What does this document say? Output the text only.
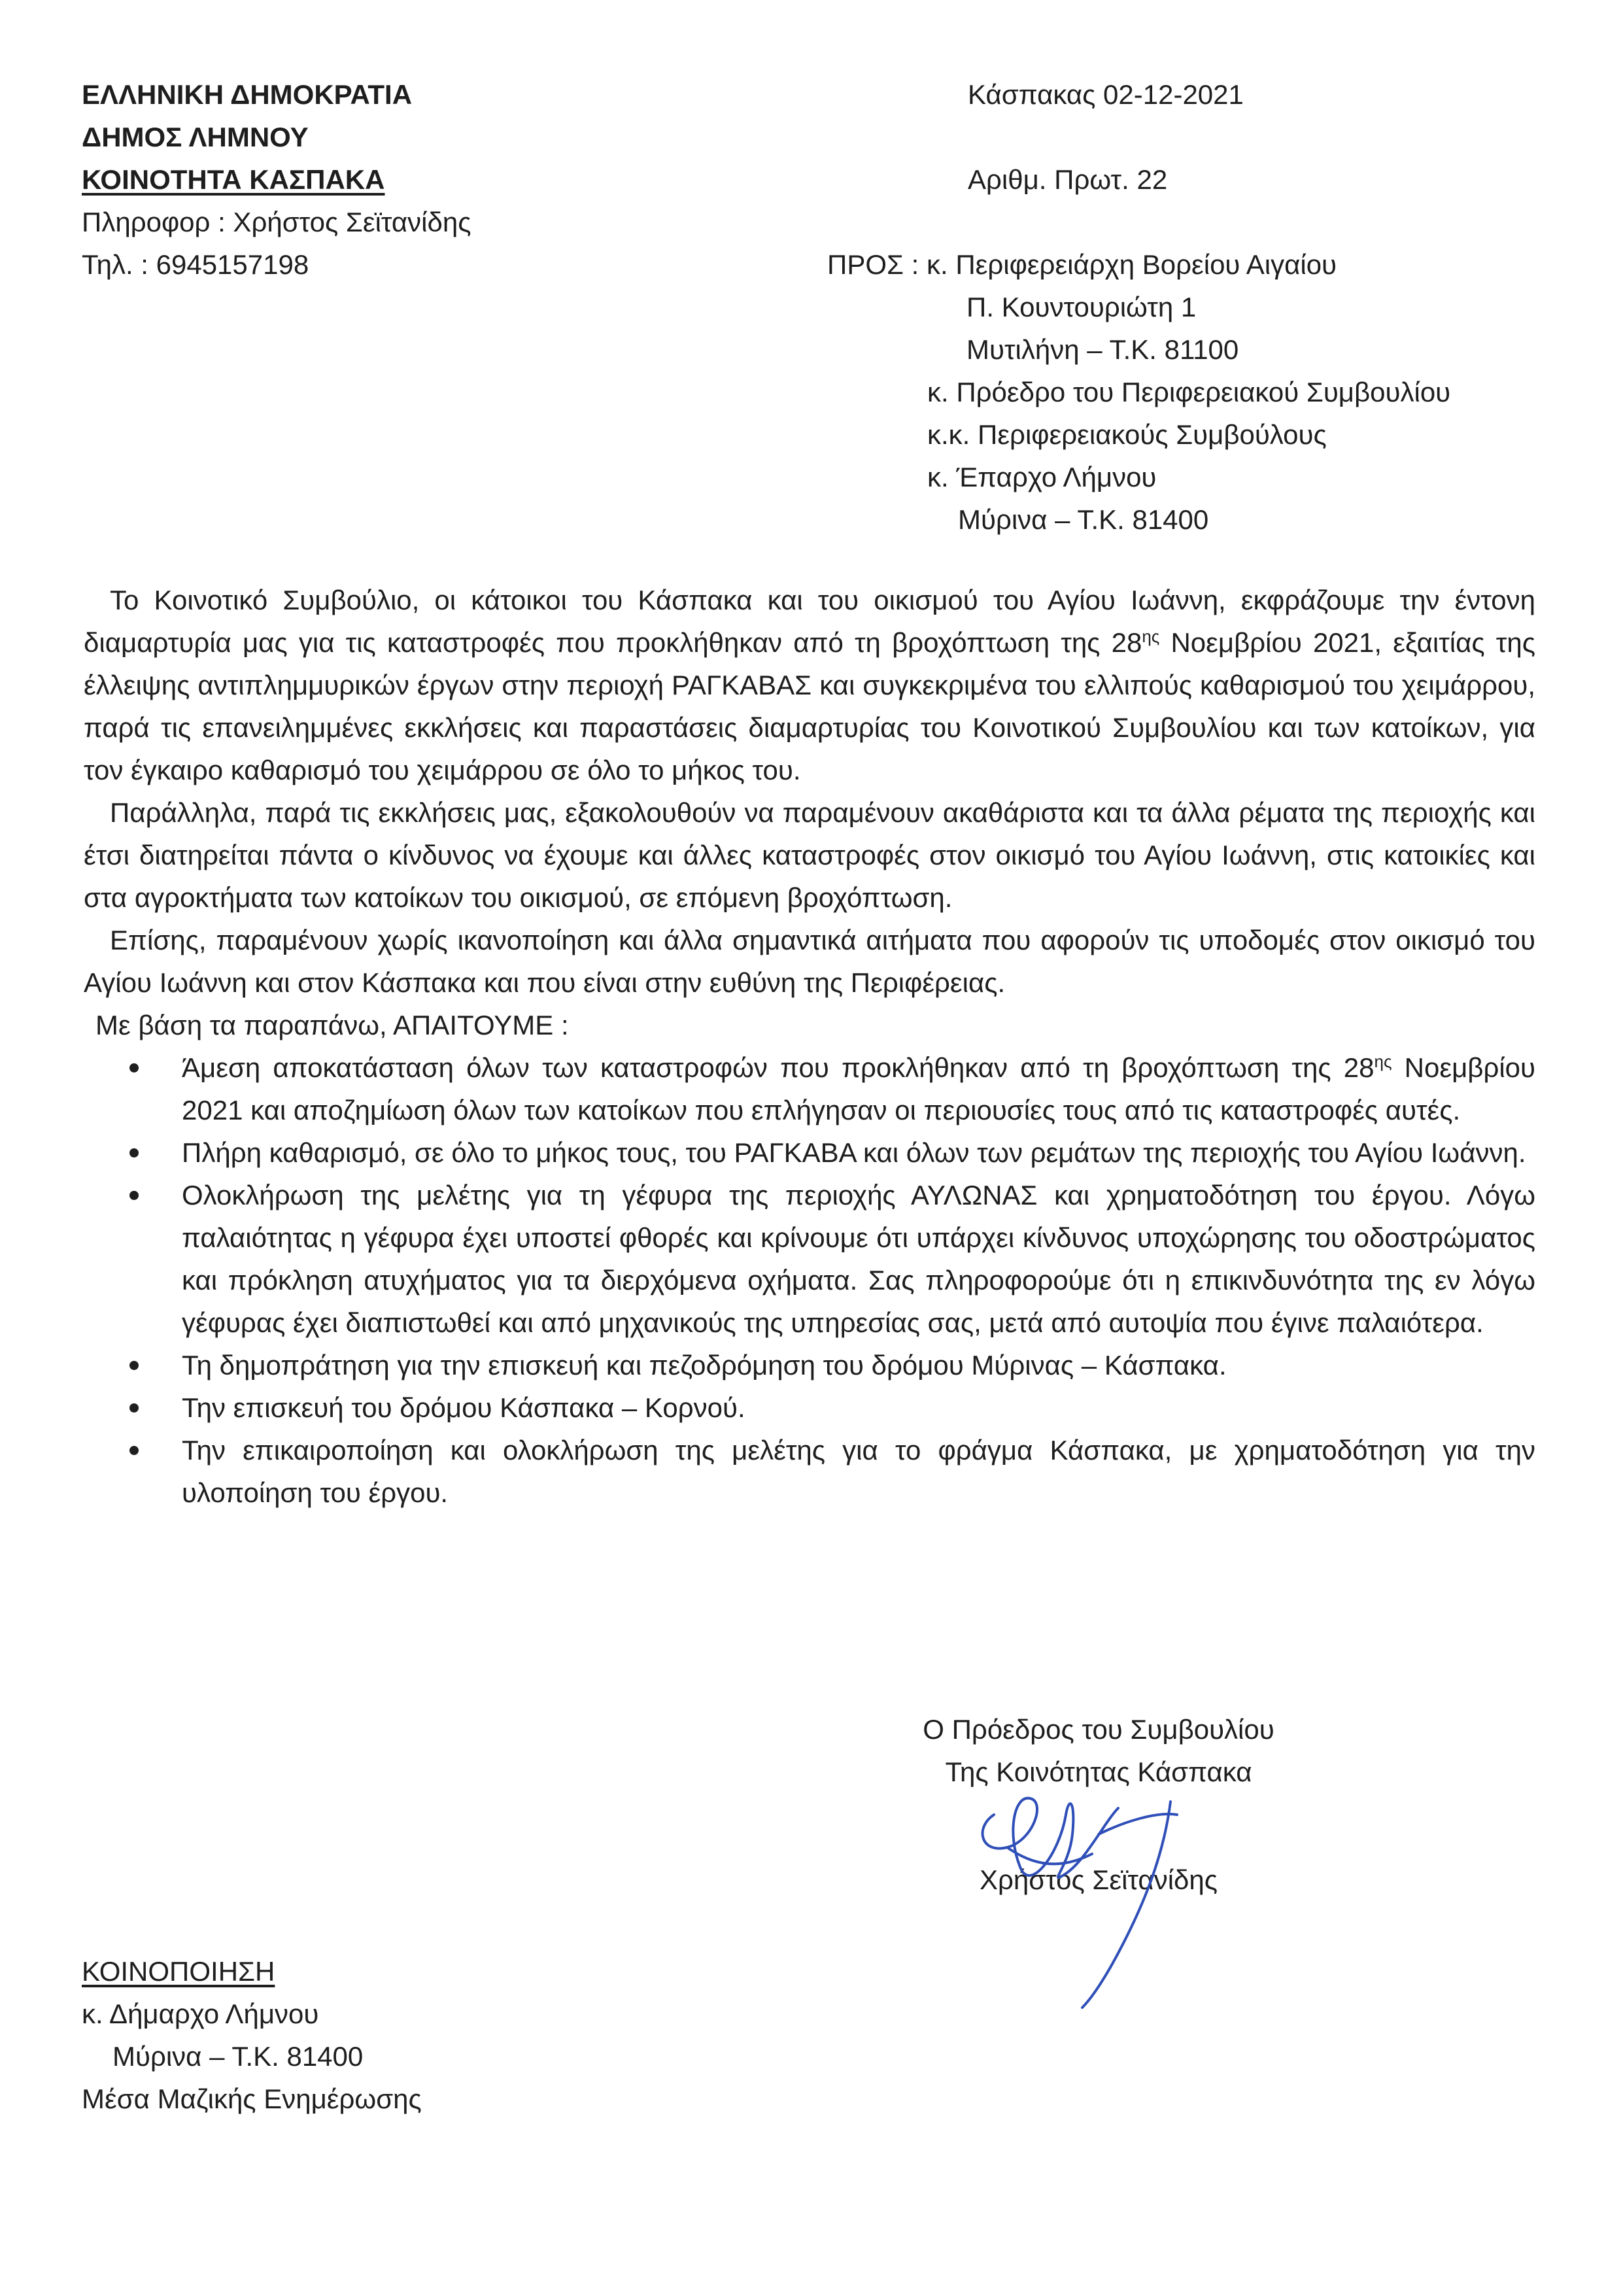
ΕΛΛΗΝΙΚΗ ΔΗΜΟΚΡΑΤΙΑ
ΔΗΜΟΣ ΛΗΜΝΟΥ
ΚΟΙΝΟΤΗΤΑ ΚΑΣΠΑΚΑ
Πληροφορ : Χρήστος Σεϊτανίδης
Τηλ. : 6945157198
Κάσπακας 02-12-2021
Αριθμ. Πρωτ. 22
ΠΡΟΣ : κ. Περιφερειάρχη Βορείου Αιγαίου
Π. Κουντουριώτη 1
Μυτιλήνη – Τ.Κ. 81100
κ. Πρόεδρο του Περιφερειακού Συμβουλίου
κ.κ. Περιφερειακούς Συμβούλους
κ. Έπαρχο Λήμνου
Μύρινα – Τ.Κ. 81400

Το Κοινοτικό Συμβούλιο, οι κάτοικοι του Κάσπακα και του οικισμού του Αγίου Ιωάννη, εκφράζουμε την έντονη διαμαρτυρία μας για τις καταστροφές που προκλήθηκαν από τη βροχόπτωση της $28^{\eta\varsigma}$ Νοεμβρίου 2021, εξαιτίας της έλλειψης αντιπλημμυρικών έργων στην περιοχή ΡΑΓΚΑΒΑΣ και συγκεκριμένα του ελλιπούς καθαρισμού του χειμάρρου, παρά τις επανειλημμένες εκκλήσεις και παραστάσεις διαμαρτυρίας του Κοινοτικού Συμβουλίου και των κατοίκων, για τον έγκαιρο καθαρισμό του χειμάρρου σε όλο το μήκος του.

Παράλληλα, παρά τις εκκλήσεις μας, εξακολουθούν να παραμένουν ακαθάριστα και τα άλλα ρέματα της περιοχής και έτσι διατηρείται πάντα ο κίνδυνος να έχουμε και άλλες καταστροφές στον οικισμό του Αγίου Ιωάννη, στις κατοικίες και στα αγροκτήματα των κατοίκων του οικισμού, σε επόμενη βροχόπτωση.

Επίσης, παραμένουν χωρίς ικανοποίηση και άλλα σημαντικά αιτήματα που αφορούν τις υποδομές στον οικισμό του Αγίου Ιωάννη και στον Κάσπακα και που είναι στην ευθύνη της Περιφέρειας.

Με βάση τα παραπάνω, ΑΠΑΙΤΟΥΜΕ :

Άμεση αποκατάσταση όλων των καταστροφών που προκλήθηκαν από τη βροχόπτωση της $28^{\eta\varsigma}$ Νοεμβρίου 2021 και αποζημίωση όλων των κατοίκων που επλήγησαν οι περιουσίες τους από τις καταστροφές αυτές.
Πλήρη καθαρισμό, σε όλο το μήκος τους, του ΡΑΓΚΑΒΑ και όλων των ρεμάτων της περιοχής του Αγίου Ιωάννη.
Ολοκλήρωση της μελέτης για τη γέφυρα της περιοχής ΑΥΛΩΝΑΣ και χρηματοδότηση του έργου. Λόγω παλαιότητας η γέφυρα έχει υποστεί φθορές και κρίνουμε ότι υπάρχει κίνδυνος υποχώρησης του οδοστρώματος και πρόκληση ατυχήματος για τα διερχόμενα οχήματα. Σας πληροφορούμε ότι η επικινδυνότητα της εν λόγω γέφυρας έχει διαπιστωθεί και από μηχανικούς της υπηρεσίας σας, μετά από αυτοψία που έγινε παλαιότερα.
Τη δημοπράτηση για την επισκευή και πεζοδρόμηση του δρόμου Μύρινας – Κάσπακα.
Την επισκευή του δρόμου Κάσπακα – Κορνού.
Την επικαιροποίηση και ολοκλήρωση της μελέτης για το φράγμα Κάσπακα, με χρηματοδότηση για την υλοποίηση του έργου.
Ο Πρόεδρος του Συμβουλίου
Της Κοινότητας Κάσπακα
Χρήστος Σεϊτανίδης
ΚΟΙΝΟΠΟΙΗΣΗ
κ. Δήμαρχο Λήμνου
Μύρινα – Τ.Κ. 81400
Μέσα Μαζικής Ενημέρωσης
